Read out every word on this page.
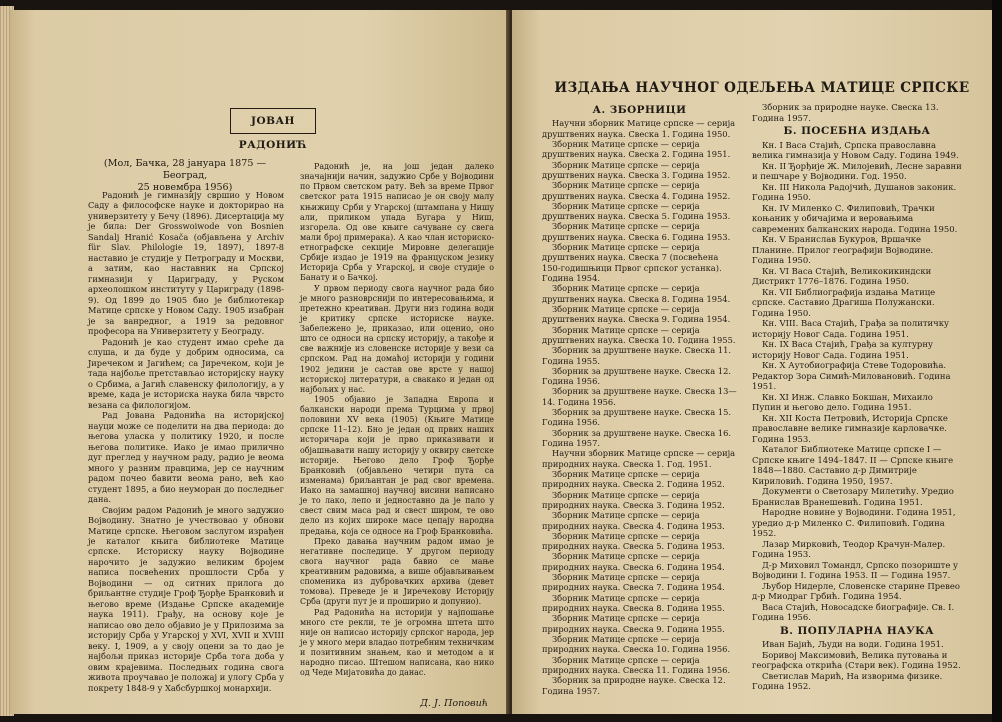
ЈОВАН РАДОНИЋ
(Мол, Бачка, 28 јануара 1875 — Београд,
25 новембра 1956)

Радонић је гимназију свршио у Новом Саду а философске науке и докторирао на универзитету у Бечу (1896). Дисертација му је била: Der Grosswoiwode von Bosnien Sandalj Hranić Kosača (објављена у Archiv für Slav. Philologie 19, 1897), 1897-8 наставио је студије у Петрограду и Москви, а затим, као наставник на Српској гимназији у Цариграду, у Руском археолошком институту у Цариграду (1898-9). Од 1899 до 1905 био је библиотекар Матице српске у Новом Саду. 1905 изабран је за ванредног, а 1919 за редовног професора на Универзитету у Београду.

Радонић је као студент имао среће да слуша, и да буде у добрим односима, са Јиречеком и Јагићем; са Јиречеком, који је тада најбоље претстављао историјску науку о Србима, а Јагић славенску филологију, а у време, када је историска наука била чврсто везана са филологијом.

Рад Јована Радонића на историјској науци може се поделити на два периода: до његова уласка у политику 1920, и после његова политике. Иако је имао прилично дуг преглед у научном раду, радио је веома много у разним правцима, јер се научним радом почео бавити веома рано, већ као студент 1895, а био неуморан до последњег дана.

Својим радом Радонић је много задужио Војводину. Знатно је учествовао у обнови Матице српске. Његовом заслугом израђен је каталог књига библиотеке Матице српске. Историску науку Војводине нарочито је задужио великим бројем написа посвећених прошлости Срба у Војводини — од ситних прилога до бриљантне студије Гроф Ђорђе Бранковић и његово време (Издање Српске академије наука 1911). Грађу, на основу које је написао ово дело објавио је у Прилозима за историју Срба у Угарској у XVI, XVII и XVIII веку. I, 1909, а у своју оцени за то дао је најбољи приказ историје Срба тога доба у овим крајевима. Последњих година свога живота проучавао је положај и улогу Срба у покрету 1848-9 у Хабсбуршкој монархији.

Радонић је, на још један далеко значајнији начин, задужио Србе у Војводини по Првом светском рату. Већ за време Првог светског рата 1915 написао је он своју малу књижицу Срби у Угарској (штампана у Нишу али, приликом упада Бугара у Ниш, изгорела. Од ове књиге сачуване су свега мали број примерака). А као члан историско-етнографске секције Мировне делегације Србије издао је 1919 на француском језику Историја Срба у Угарској, и своје студије о Банату и о Бачкој.

У првом периоду свога научног рада био је много разноврснији по интересовањима, и претежно креативан. Други низ година води је критику српске историске науке. Забележено је, приказао, или оценио, оно што се односи на српску историју, а такође и све важније из словенске историје у вези са српском. Рад на домаћој историји у години 1902 једини је састав ове врсте у нашој историској литератури, а свакако и један од најбољих у нас.

1905 објавио је Западна Европа и балкански народи према Турцима у првој половини XV века (1905) (Књиге Матице српске 11–12). Бно је један од првих наших историчара који је прво приказивати и објашњавати нашу историју у оквиру светске историје. Његово дело Гроф Ђорђе Бранковић (објављено четири пута са изменама) бриљантан је рад свог времена. Иако на замашној научној висини написано је то лако, лепо и једноставно да је пало у свест свим маса рад и свест широм, те ово дело из којих широке масе цепају народна предања, која се односе на Гроф Бранковића.

Преко давања научним радом имао је негативне последице. У другом периоду свога научног рада бавио се мање креативним радовима, а више објављивањем споменика из дубровачких архива (девет томова). Преведе је и Јиречекову Историју Срба (други пут је и проширио и допунио).

Рад Радонића на историји у најпошање много сте рекли, те је огромна штета што није он написао историју српског народа, јер је у много мери владао потребним техничким и позитивним знањем, као и методом а и народно писао. Штешом написана, као нико од Чеде Мијатовића до данас.

Д. Ј. Поповић
ИЗДАЊА НАУЧНОГ ОДЕЉЕЊА МАТИЦЕ СРПСКЕ
А. ЗБОРНИЦИ

Научни зборник Матице српске — серија друштвених наука. Свеска 1. Година 1950.

Зборник Матице српске — серија друштвених наука. Свеска 2. Година 1951.

Зборник Матице српске — серија друштвених наука. Свеска 3. Година 1952.

Зборник Матице српске — серија друштвених наука. Свеска 4. Година 1952.

Зборник Матице српске — серија друштвених наука. Свеска 5. Година 1953.

Зборник Матице српске — серија друштвених наука. Свеска 6. Година 1953.

Зборник Матице српске — серија друштвених наука. Свеска 7 (посвећена 150-годишњици Првог српског устанка). Година 1954.

Зборник Матице српске — серија друштвених наука. Свеска 8. Година 1954.

Зборник Матице српске — серија друштвених наука. Свеска 9. Година 1954.

Зборник Матице српске — серија друштвених наука. Свеска 10. Година 1955.

Зборник за друштвене науке. Свеска 11. Година 1955.

Зборник за друштвене науке. Свеска 12. Година 1956.

Зборник за друштвене науке. Свеска 13—14. Година 1956.

Зборник за друштвене науке. Свеска 15. Година 1956.

Зборник за друштвене науке. Свеска 16. Година 1957.

Научни зборник Матице српске — серија природних наука. Свеска 1. Год. 1951.

Зборник Матице српске — серија природних наука. Свеска 2. Година 1952.

Зборник Матице српске — серија природних наука. Свеска 3. Година 1952.

Зборник Матице српске — серија природних наука. Свеска 4. Година 1953.

Зборник Матице српске — серија природних наука. Свеска 5. Година 1953.

Зборник Матице српске — серија природних наука. Свеска 6. Година 1954.

Зборник Матице српске — серија природних наука. Свеска 7. Година 1954.

Зборник Матице српске — серија природних наука. Свеска 8. Година 1955.

Зборник Матице српске — серија природних наука. Свеска 9. Година 1955.

Зборник Матице српске — серија природних наука. Свеска 10. Година 1956.

Зборник Матице српске — серија природних наука. Свеска 11. Година 1956.

Зборник за природне науке. Свеска 12. Година 1957.

Зборник за природне науке. Свеска 13. Година 1957.

Б. ПОСЕБНА ИЗДАЊА

Кн. I Васа Стајић, Српска православна велика гимназија у Новом Саду. Година 1949.

Кн. II Ђорђије Ж. Милојевић, Лесне заравни и пешчаре у Војводини. Год. 1950.

Кн. III Никола Радојчић, Душанов законик. Година 1950.

Кн. IV Миленко С. Филиповић, Трачки коњаник у обичајима и веровањима савремених балканских народа. Година 1950.

Кн. V Бранислав Букуров, Вршачке Планине. Прилог географији Војводине. Година 1950.

Кн. VI Васа Стајић, Великокикиндски Дистрикт 1776–1876. Година 1950.

Кн. VII Библиографија издања Матице српске. Саставио Драгиша Полужански. Година 1950.

Кн. VIII. Васа Стајић, Грађа за политичку историју Новог Сада. Година 1951.

Кн. IX Васа Стајић, Грађа за културну историју Новог Сада. Година 1951.

Кн. X Аутобиографија Стеве Тодоровића. Редактор Зора Симић-Миловановић. Година 1951.

Кн. XI Инж. Славко Бокшан, Михаило Пупин и његово дело. Година 1951.

Кн. XII Коста Петровић, Историја Српске православне велике гимназије карловачке. Година 1953.

Каталог Библиотеке Матице српске I — Српске књиге 1494–1847. II — Српске књиге 1848—1880. Саставио д-р Димитрије Кириловић. Година 1950, 1957.

Документи о Светозару Милетићу. Уредио Бранислав Вранешевић. Година 1951.

Народне новине у Војводини. Година 1951, уредио д-р Миленко С. Филиповић. Година 1952.

Лазар Мирковић, Теодор Крачун-Малер. Година 1953.

Д-р Миховил Томандл, Српско позориште у Војводини I. Година 1953. II — Година 1957.

Љубор Нидерле, Словенске старине Превео д-р Миодраг Грбић. Година 1954.

Васа Стајић, Новосадске биографије. Св. I. Година 1956.

В. ПОПУЛАРНА НАУКА

Иван Бајић, Људи на води. Година 1951.

Боривој Максимовић, Велика путовања и географска открића (Стари век). Година 1952.

Светислав Марић, На изворима физике. Година 1952.
